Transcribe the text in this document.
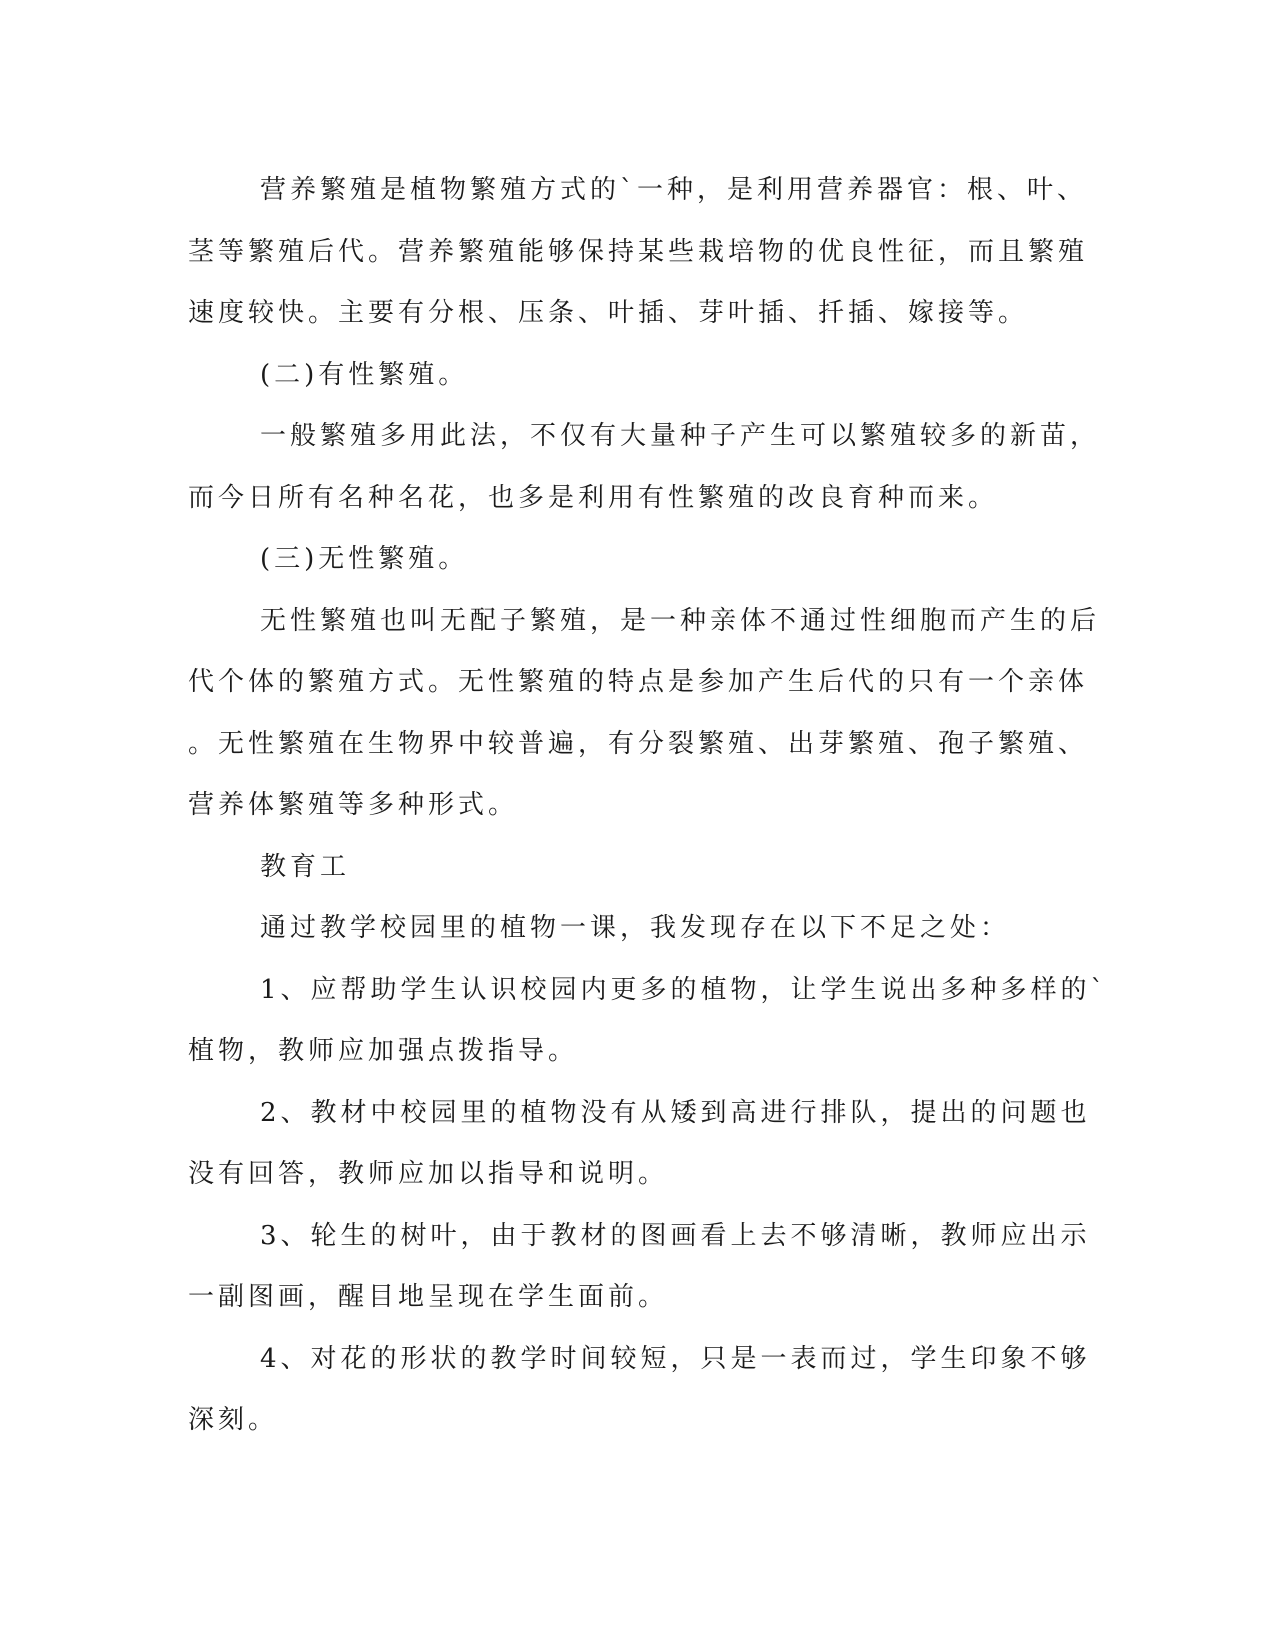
营养繁殖是植物繁殖方式的`一种，是利用营养器官：根、叶、
茎等繁殖后代。营养繁殖能够保持某些栽培物的优良性征，而且繁殖
速度较快。主要有分根、压条、叶插、芽叶插、扦插、嫁接等。

(二)有性繁殖。

一般繁殖多用此法，不仅有大量种子产生可以繁殖较多的新苗，
而今日所有名种名花，也多是利用有性繁殖的改良育种而来。

(三)无性繁殖。

无性繁殖也叫无配子繁殖，是一种亲体不通过性细胞而产生的后
代个体的繁殖方式。无性繁殖的特点是参加产生后代的只有一个亲体
。无性繁殖在生物界中较普遍，有分裂繁殖、出芽繁殖、孢子繁殖、
营养体繁殖等多种形式。

教育工

通过教学校园里的植物一课，我发现存在以下不足之处：

1、应帮助学生认识校园内更多的植物，让学生说出多种多样的`
植物，教师应加强点拨指导。

2、教材中校园里的植物没有从矮到高进行排队，提出的问题也
没有回答，教师应加以指导和说明。

3、轮生的树叶，由于教材的图画看上去不够清晰，教师应出示
一副图画，醒目地呈现在学生面前。

4、对花的形状的教学时间较短，只是一表而过，学生印象不够
深刻。
